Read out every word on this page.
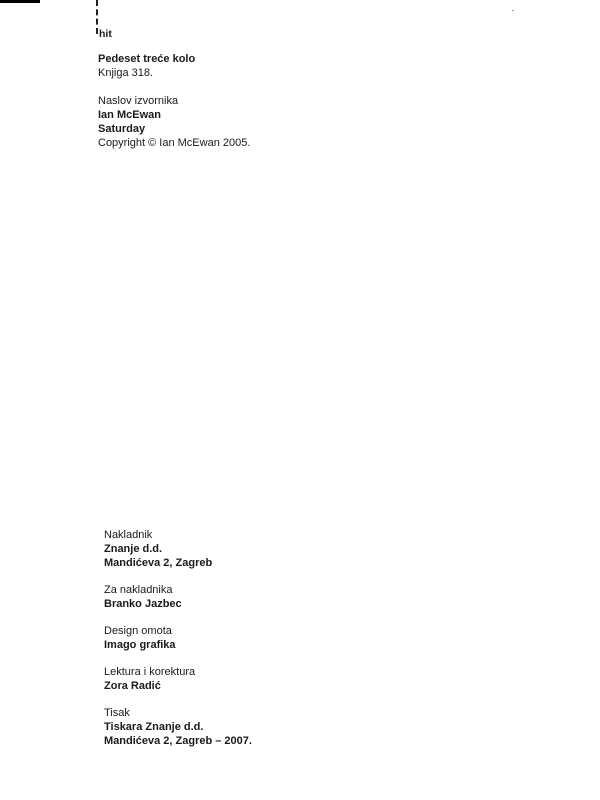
hit
Pedeset treće kolo
Knjiga 318.
Naslov izvornika
Ian McEwan
Saturday
Copyright © Ian McEwan 2005.
Nakladnik
Znanje d.d.
Mandićeva 2, Zagreb
Za nakladnika
Branko Jazbec
Design omota
Imago grafika
Lektura i korektura
Zora Radić
Tisak
Tiskara Znanje d.d.
Mandićeva 2, Zagreb – 2007.
